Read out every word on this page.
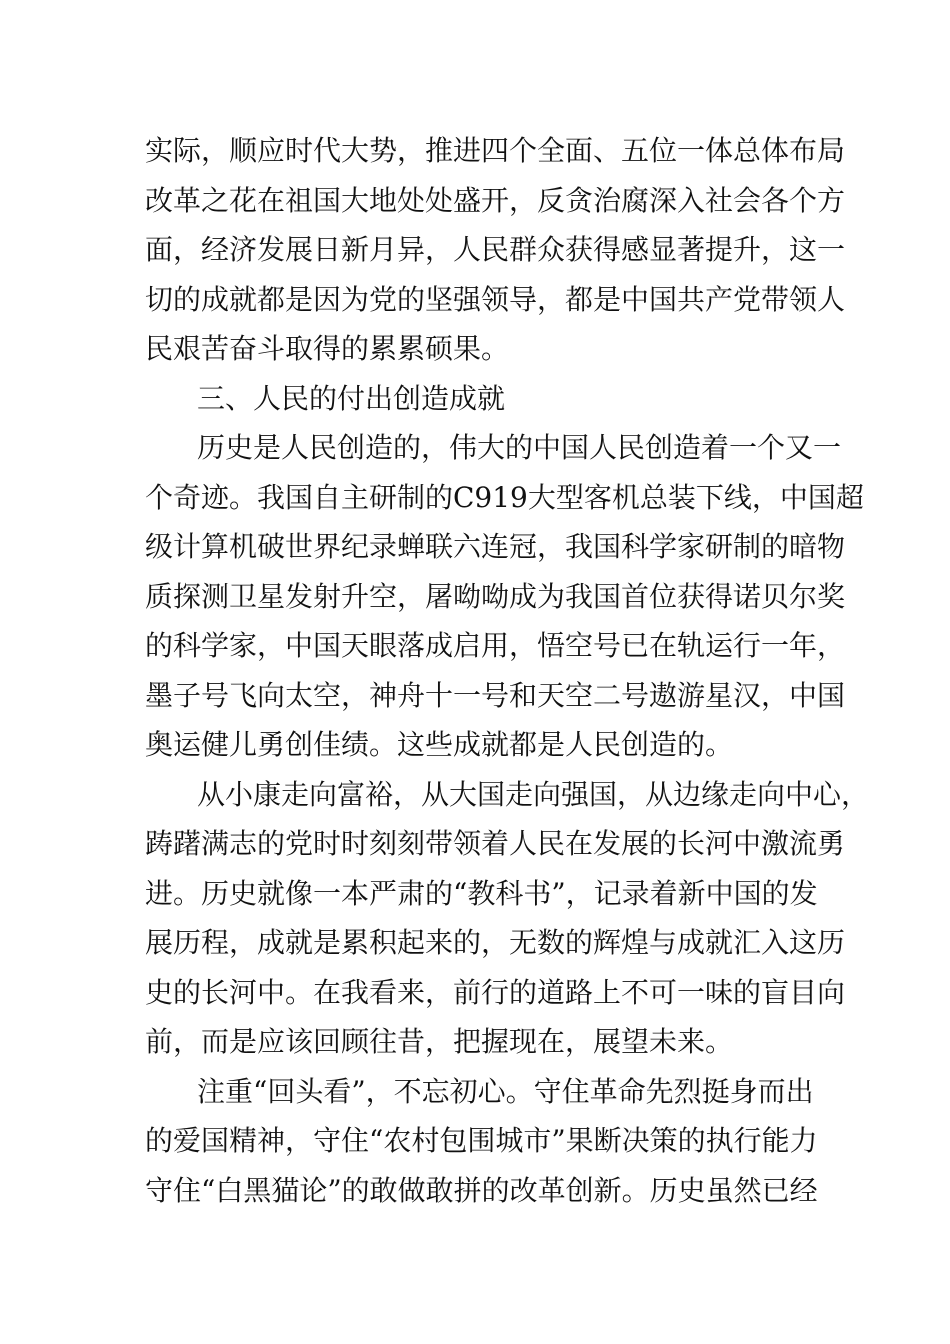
实际，顺应时代大势，推进四个全面、五位一体总体布局
改革之花在祖国大地处处盛开，反贪治腐深入社会各个方
面，经济发展日新月异，人民群众获得感显著提升，这一
切的成就都是因为党的坚强领导，都是中国共产党带领人
民艰苦奋斗取得的累累硕果。
三、人民的付出创造成就
历史是人民创造的，伟大的中国人民创造着一个又一
个奇迹。我国自主研制的C919大型客机总装下线，中国超
级计算机破世界纪录蝉联六连冠，我国科学家研制的暗物
质探测卫星发射升空，屠呦呦成为我国首位获得诺贝尔奖
的科学家，中国天眼落成启用，悟空号已在轨运行一年，
墨子号飞向太空，神舟十一号和天空二号遨游星汉，中国
奥运健儿勇创佳绩。这些成就都是人民创造的。
从小康走向富裕，从大国走向强国，从边缘走向中心，
踌躇满志的党时时刻刻带领着人民在发展的长河中激流勇
进。历史就像一本严肃的“教科书”，记录着新中国的发
展历程，成就是累积起来的，无数的辉煌与成就汇入这历
史的长河中。在我看来，前行的道路上不可一味的盲目向
前，而是应该回顾往昔，把握现在，展望未来。
注重“回头看”，不忘初心。守住革命先烈挺身而出
的爱国精神，守住“农村包围城市”果断决策的执行能力
守住“白黑猫论”的敢做敢拼的改革创新。历史虽然已经
